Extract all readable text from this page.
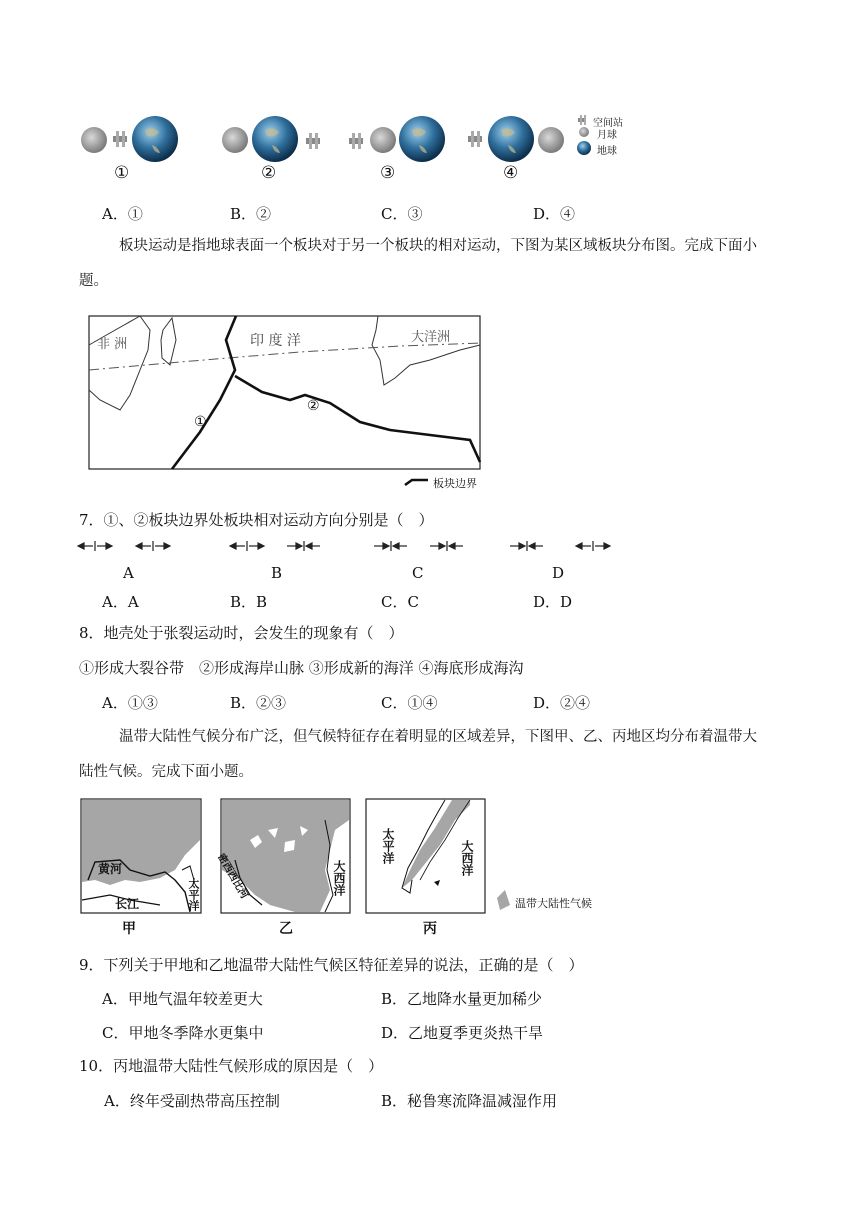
空间站
月球
地球
①	②	③	④
A．①	B．②	C．③	D．④
板块运动是指地球表面一个板块对于另一个板块的相对运动，下图为某区域板块分布图。完成下面小
题。
非 洲	印 度 洋	大洋洲
①
②
板块边界
7．①、②板块边界处板块相对运动方向分别是（　）
A	B	C	D
A．A	B．B	C．C	D．D
8．地壳处于张裂运动时，会发生的现象有（　）
①形成大裂谷带　②形成海岸山脉 ③形成新的海洋 ④海底形成海沟
A．①③	B．②③	C．①④	D．②④
温带大陆性气候分布广泛，但气候特征存在着明显的区域差异，下图甲、乙、丙地区均分布着温带大
陆性气候。完成下面小题。
黄河
长江	太平洋
甲
密西西比河	大西洋
乙
太平洋	大西洋
丙
温带大陆性气候
9．下列关于甲地和乙地温带大陆性气候区特征差异的说法，正确的是（　）
A．甲地气温年较差更大	B．乙地降水量更加稀少
C．甲地冬季降水更集中	D．乙地夏季更炎热干旱
10．丙地温带大陆性气候形成的原因是（　）
A．终年受副热带高压控制	B．秘鲁寒流降温减湿作用
